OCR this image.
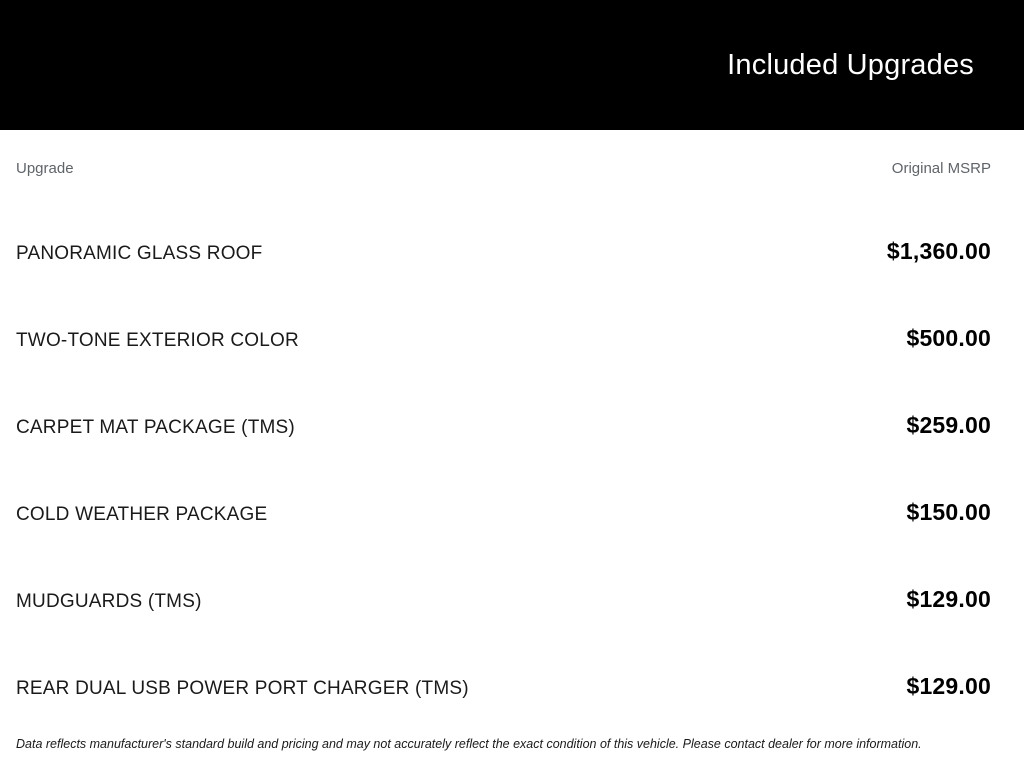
Included Upgrades
Upgrade	Original MSRP
PANORAMIC GLASS ROOF	$1,360.00
TWO-TONE EXTERIOR COLOR	$500.00
CARPET MAT PACKAGE (TMS)	$259.00
COLD WEATHER PACKAGE	$150.00
MUDGUARDS (TMS)	$129.00
REAR DUAL USB POWER PORT CHARGER (TMS)	$129.00
Data reflects manufacturer's standard build and pricing and may not accurately reflect the exact condition of this vehicle. Please contact dealer for more information.
